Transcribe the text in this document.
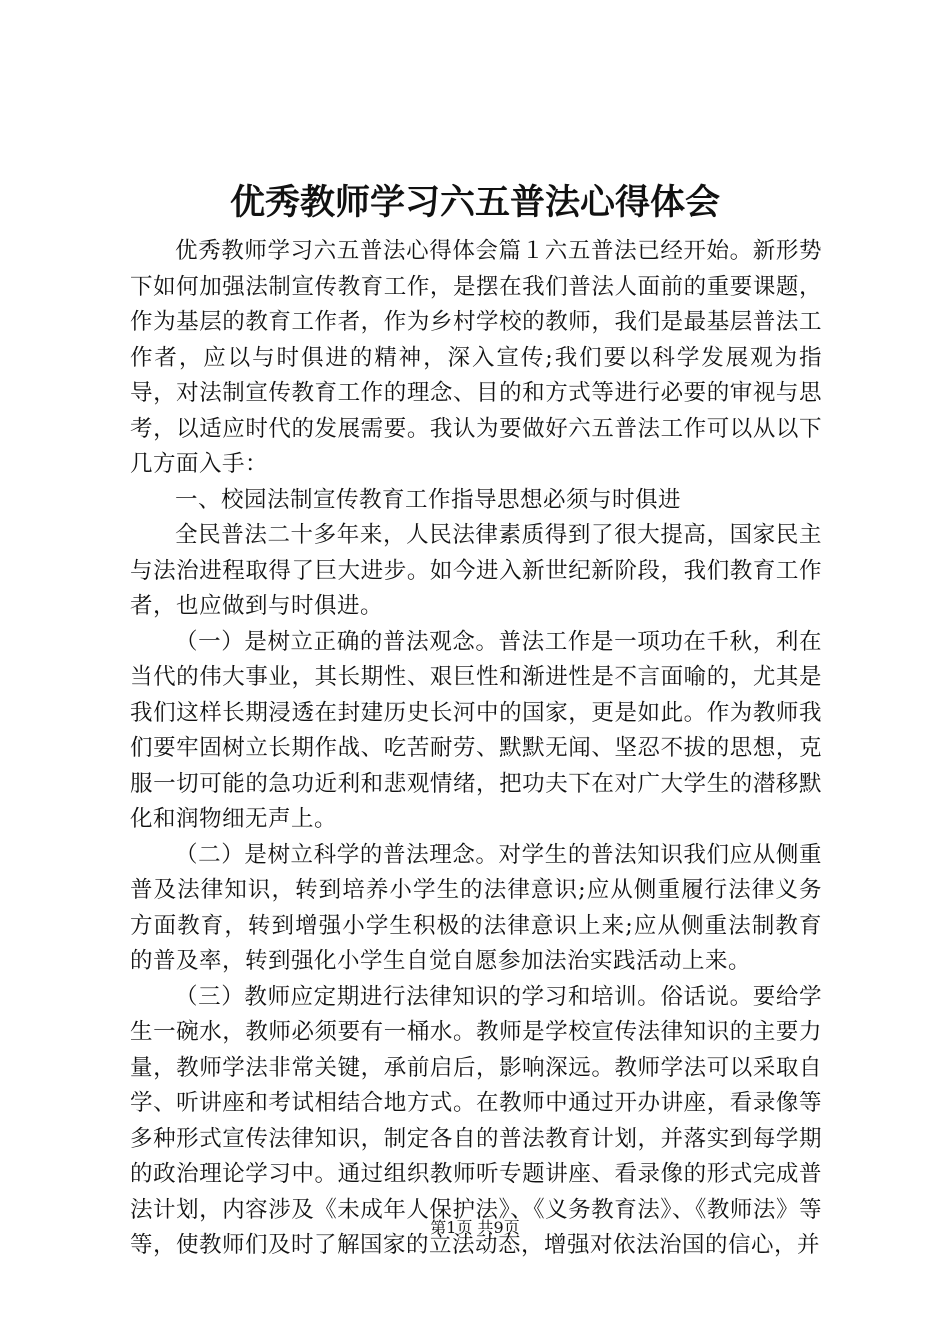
优秀教师学习六五普法心得体会

优秀教师学习六五普法心得体会篇１六五普法已经开始。新形势下如何加强法制宣传教育工作，是摆在我们普法人面前的重要课题，作为基层的教育工作者，作为乡村学校的教师，我们是最基层普法工作者，应以与时俱进的精神，深入宣传;我们要以科学发展观为指导，对法制宣传教育工作的理念、目的和方式等进行必要的审视与思考，以适应时代的发展需要。我认为要做好六五普法工作可以从以下几方面入手：

一、校园法制宣传教育工作指导思想必须与时俱进

全民普法二十多年来，人民法律素质得到了很大提高，国家民主与法治进程取得了巨大进步。如今进入新世纪新阶段，我们教育工作者，也应做到与时俱进。

（一）是树立正确的普法观念。普法工作是一项功在千秋，利在当代的伟大事业，其长期性、艰巨性和渐进性是不言面喻的，尤其是我们这样长期浸透在封建历史长河中的国家，更是如此。作为教师我们要牢固树立长期作战、吃苦耐劳、默默无闻、坚忍不拔的思想，克服一切可能的急功近利和悲观情绪，把功夫下在对广大学生的潜移默化和润物细无声上。

（二）是树立科学的普法理念。对学生的普法知识我们应从侧重普及法律知识，转到培养小学生的法律意识;应从侧重履行法律义务方面教育，转到增强小学生积极的法律意识上来;应从侧重法制教育的普及率，转到强化小学生自觉自愿参加法治实践活动上来。

（三）教师应定期进行法律知识的学习和培训。俗话说。要给学生一碗水，教师必须要有一桶水。教师是学校宣传法律知识的主要力量，教师学法非常关键，承前启后，影响深远。教师学法可以采取自学、听讲座和考试相结合地方式。在教师中通过开办讲座，看录像等多种形式宣传法律知识，制定各自的普法教育计划，并落实到每学期的政治理论学习中。通过组织教师听专题讲座、看录像的形式完成普法计划，内容涉及《未成年人保护法》、《义务教育法》、《教师法》等等，使教师们及时了解国家的立法动态，增强对依法治国的信心，并

第1页 共9页
